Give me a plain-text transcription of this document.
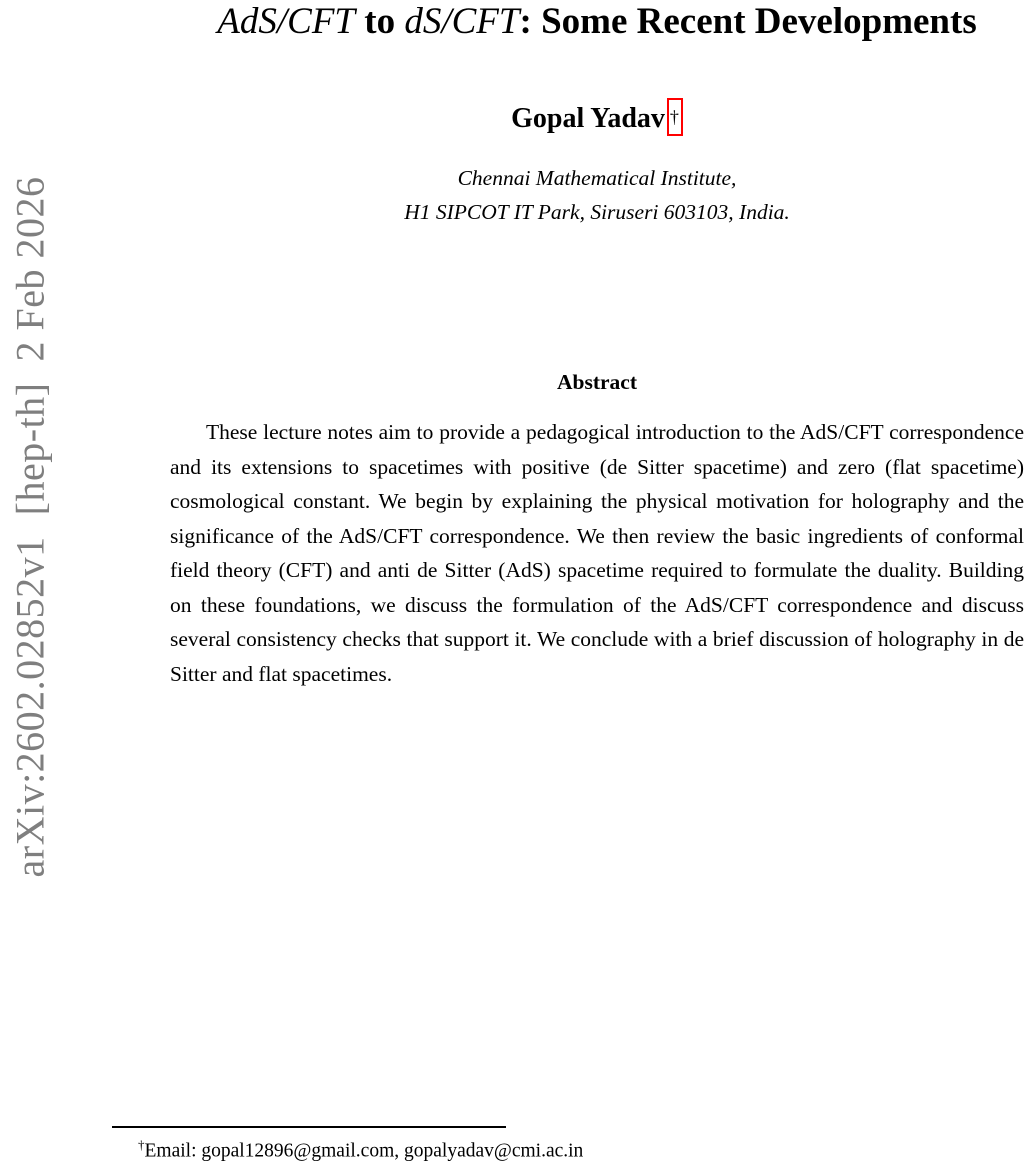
arXiv:2602.02852v1  [hep-th]  2 Feb 2026
AdS/CFT to dS/CFT: Some Recent Developments
Gopal Yadav †
Chennai Mathematical Institute,
H1 SIPCOT IT Park, Siruseri 603103, India.
Abstract
These lecture notes aim to provide a pedagogical introduction to the AdS/CFT correspondence and its extensions to spacetimes with positive (de Sitter spacetime) and zero (flat spacetime) cosmological constant. We begin by explaining the physical motivation for holography and the significance of the AdS/CFT correspondence. We then review the basic ingredients of conformal field theory (CFT) and anti de Sitter (AdS) spacetime required to formulate the duality. Building on these foundations, we discuss the formulation of the AdS/CFT correspondence and discuss several consistency checks that support it. We conclude with a brief discussion of holography in de Sitter and flat spacetimes.
†Email: gopal12896@gmail.com, gopalyadav@cmi.ac.in
